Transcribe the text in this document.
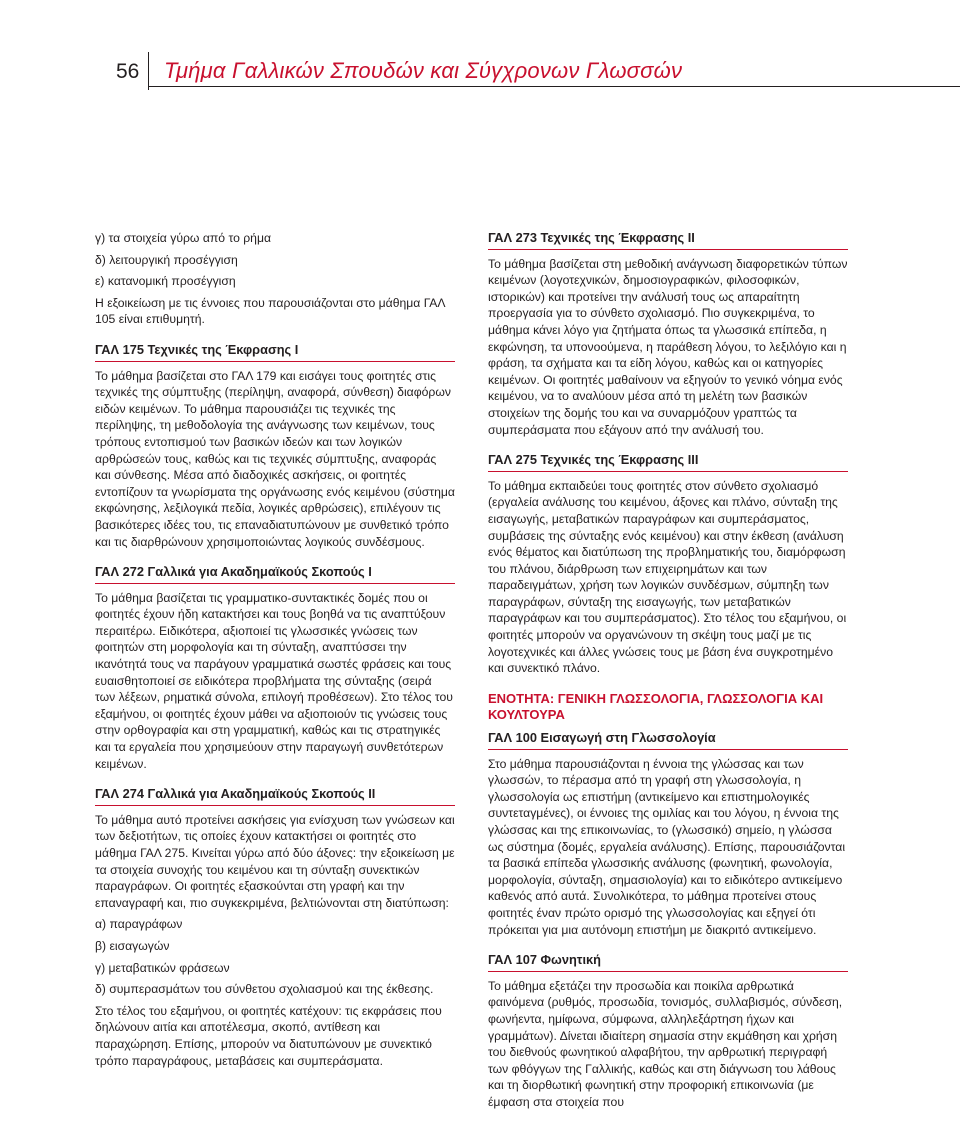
56 Τμήμα Γαλλικών Σπουδών και Σύγχρονων Γλωσσών

γ) τα στοιχεία γύρω από το ρήμα

δ) λειτουργική προσέγγιση

ε) κατανομική προσέγγιση

Η εξοικείωση με τις έννοιες που παρουσιάζονται στο μάθημα ΓΑΛ 105 είναι επιθυμητή.

ΓΑΛ 175 Τεχνικές της Έκφρασης Ι

Το μάθημα βασίζεται στο ΓΑΛ 179 και εισάγει τους φοιτητές στις τεχνικές της σύμπτυξης (περίληψη, αναφορά, σύνθεση) διαφόρων ειδών κειμένων. Το μάθημα παρουσιάζει τις τεχνικές της περίληψης, τη μεθοδολογία της ανάγνωσης των κειμένων, τους τρόπους εντοπισμού των βασικών ιδεών και των λογικών αρθρώσεών τους, καθώς και τις τεχνικές σύμπτυξης, αναφοράς και σύνθεσης. Μέσα από διαδοχικές ασκήσεις, οι φοιτητές εντοπίζουν τα γνωρίσματα της οργάνωσης ενός κειμένου (σύστημα εκφώνησης, λεξιλογικά πεδία, λογικές αρθρώσεις), επιλέγουν τις βασικότερες ιδέες του, τις επαναδιατυπώνουν με συνθετικό τρόπο και τις διαρθρώνουν χρησιμοποιώντας λογικούς συνδέσμους.

ΓΑΛ 272 Γαλλικά για Ακαδημαϊκούς Σκοπούς Ι

Το μάθημα βασίζεται τις γραμματικο-συντακτικές δομές που οι φοιτητές έχουν ήδη κατακτήσει και τους βοηθά να τις αναπτύξουν περαιτέρω. Ειδικότερα, αξιοποιεί τις γλωσσικές γνώσεις των φοιτητών στη μορφολογία και τη σύνταξη, αναπτύσσει την ικανότητά τους να παράγουν γραμματικά σωστές φράσεις και τους ευαισθητοποιεί σε ειδικότερα προβλήματα της σύνταξης (σειρά των λέξεων, ρηματικά σύνολα, επιλογή προθέσεων). Στο τέλος του εξαμήνου, οι φοιτητές έχουν μάθει να αξιοποιούν τις γνώσεις τους στην ορθογραφία και στη γραμματική, καθώς και τις στρατηγικές και τα εργαλεία που χρησιμεύουν στην παραγωγή συνθετότερων κειμένων.

ΓΑΛ 274 Γαλλικά για Ακαδημαϊκούς Σκοπούς ΙΙ

Το μάθημα αυτό προτείνει ασκήσεις για ενίσχυση των γνώσεων και των δεξιοτήτων, τις οποίες έχουν κατακτήσει οι φοιτητές στο μάθημα ΓΑΛ 275. Κινείται γύρω από δύο άξονες: την εξοικείωση με τα στοιχεία συνοχής του κειμένου και τη σύνταξη συνεκτικών παραγράφων. Οι φοιτητές εξασκούνται στη γραφή και την επαναγραφή και, πιο συγκεκριμένα, βελτιώνονται στη διατύπωση:

α) παραγράφων

β) εισαγωγών

γ) μεταβατικών φράσεων

δ) συμπερασμάτων του σύνθετου σχολιασμού και της έκθεσης.

Στο τέλος του εξαμήνου, οι φοιτητές κατέχουν: τις εκφράσεις που δηλώνουν αιτία και αποτέλεσμα, σκοπό, αντίθεση και παραχώρηση. Επίσης, μπορούν να διατυπώνουν με συνεκτικό τρόπο παραγράφους, μεταβάσεις και συμπεράσματα.

ΓΑΛ 273 Τεχνικές της Έκφρασης ΙΙ

Το μάθημα βασίζεται στη μεθοδική ανάγνωση διαφορετικών τύπων κειμένων (λογοτεχνικών, δημοσιογραφικών, φιλοσοφικών, ιστορικών) και προτείνει την ανάλυσή τους ως απαραίτητη προεργασία για το σύνθετο σχολιασμό. Πιο συγκεκριμένα, το μάθημα κάνει λόγο για ζητήματα όπως τα γλωσσικά επίπεδα, η εκφώνηση, τα υπονοούμενα, η παράθεση λόγου, το λεξιλόγιο και η φράση, τα σχήματα και τα είδη λόγου, καθώς και οι κατηγορίες κειμένων. Οι φοιτητές μαθαίνουν να εξηγούν το γενικό νόημα ενός κειμένου, να το αναλύουν μέσα από τη μελέτη των βασικών στοιχείων της δομής του και να συναρμόζουν γραπτώς τα συμπεράσματα που εξάγουν από την ανάλυσή του.

ΓΑΛ 275 Τεχνικές της Έκφρασης ΙΙΙ

Το μάθημα εκπαιδεύει τους φοιτητές στον σύνθετο σχολιασμό (εργαλεία ανάλυσης του κειμένου, άξονες και πλάνο, σύνταξη της εισαγωγής, μεταβατικών παραγράφων και συμπεράσματος, συμβάσεις της σύνταξης ενός κειμένου) και στην έκθεση (ανάλυση ενός θέματος και διατύπωση της προβληματικής του, διαμόρφωση του πλάνου, διάρθρωση των επιχειρημάτων και των παραδειγμάτων, χρήση των λογικών συνδέσμων, σύμπηξη των παραγράφων, σύνταξη της εισαγωγής, των μεταβατικών παραγράφων και του συμπεράσματος). Στο τέλος του εξαμήνου, οι φοιτητές μπορούν να οργανώνουν τη σκέψη τους μαζί με τις λογοτεχνικές και άλλες γνώσεις τους με βάση ένα συγκροτημένο και συνεκτικό πλάνο.

ΕΝΟΤΗΤΑ: ΓΕΝΙΚΗ ΓΛΩΣΣΟΛΟΓΙΑ, ΓΛΩΣΣΟΛΟΓΙΑ ΚΑΙ ΚΟΥΛΤΟΥΡΑ
ΓΑΛ 100 Εισαγωγή στη Γλωσσολογία

Στο μάθημα παρουσιάζονται η έννοια της γλώσσας και των γλωσσών, το πέρασμα από τη γραφή στη γλωσσολογία, η γλωσσολογία ως επιστήμη (αντικείμενο και επιστημολογικές συντεταγμένες), οι έννοιες της ομιλίας και του λόγου, η έννοια της γλώσσας και της επικοινωνίας, το (γλωσσικό) σημείο, η γλώσσα ως σύστημα (δομές, εργαλεία ανάλυσης). Επίσης, παρουσιάζονται τα βασικά επίπεδα γλωσσικής ανάλυσης (φωνητική, φωνολογία, μορφολογία, σύνταξη, σημασιολογία) και το ειδικότερο αντικείμενο καθενός από αυτά. Συνολικότερα, το μάθημα προτείνει στους φοιτητές έναν πρώτο ορισμό της γλωσσολογίας και εξηγεί ότι πρόκειται για μια αυτόνομη επιστήμη με διακριτό αντικείμενο.

ΓΑΛ 107 Φωνητική

Το μάθημα εξετάζει την προσωδία και ποικίλα αρθρωτικά φαινόμενα (ρυθμός, προσωδία, τονισμός, συλλαβισμός, σύνδεση, φωνήεντα, ημίφωνα, σύμφωνα, αλληλεξάρτηση ήχων και γραμμάτων). Δίνεται ιδιαίτερη σημασία στην εκμάθηση και χρήση του διεθνούς φωνητικού αλφαβήτου, την αρθρωτική περιγραφή των φθόγγων της Γαλλικής, καθώς και στη διάγνωση του λάθους και τη διορθωτική φωνητική στην προφορική επικοινωνία (με έμφαση στα στοιχεία που
